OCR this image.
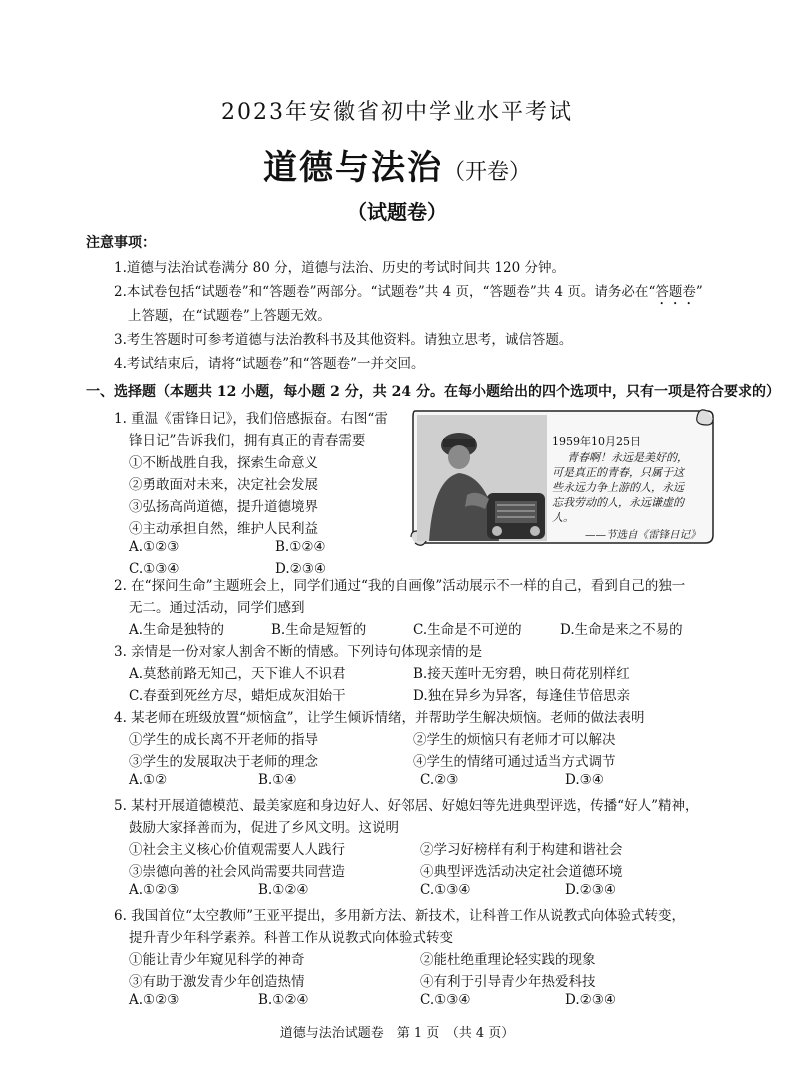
2023年安徽省初中学业水平考试
道德与法治（开卷）
（试题卷）
注意事项：
1.道德与法治试卷满分 80 分，道德与法治、历史的考试时间共 120 分钟。
2.本试卷包括“试题卷”和“答题卷”两部分。“试题卷”共 4 页，“答题卷”共 4 页。请务必在“答题卷”
上答题，在“试题卷”上答题无效。
3.考生答题时可参考道德与法治教科书及其他资料。请独立思考，诚信答题。
4.考试结束后，请将“试题卷”和“答题卷”一并交回。
一、选择题（本题共 12 小题，每小题 2 分，共 24 分。在每小题给出的四个选项中，只有一项是符合要求的）
1. 重温《雷锋日记》，我们倍感振奋。右图“雷
锋日记”告诉我们，拥有真正的青春需要
①不断战胜自我，探索生命意义
②勇敢面对未来，决定社会发展
③弘扬高尚道德，提升道德境界
④主动承担自然，维护人民利益
A.①②③	B.①②④
C.①③④	D.②③④
1959年10月25日
青春啊！永远是美好的，
可是真正的青春，只属于这
些永远力争上游的人，永远
忘我劳动的人，永远谦虚的
人。
——节选自《雷锋日记》
2. 在“探问生命”主题班会上，同学们通过“我的自画像”活动展示不一样的自己，看到自己的独一
无二。通过活动，同学们感到
A.生命是独特的	B.生命是短暂的	C.生命是不可逆的	D.生命是来之不易的
3. 亲情是一份对家人割舍不断的情感。下列诗句体现亲情的是
A.莫愁前路无知己，天下谁人不识君	B.接天莲叶无穷碧，映日荷花别样红
C.春蚕到死丝方尽，蜡炬成灰泪始干	D.独在异乡为异客，每逢佳节倍思亲
4. 某老师在班级放置“烦恼盒”，让学生倾诉情绪，并帮助学生解决烦恼。老师的做法表明
①学生的成长离不开老师的指导	②学生的烦恼只有老师才可以解决
③学生的发展取决于老师的理念	④学生的情绪可通过适当方式调节
A.①②	B.①④	C.②③	D.③④
5. 某村开展道德模范、最美家庭和身边好人、好邻居、好媳妇等先进典型评选，传播“好人”精神，
鼓励大家择善而为，促进了乡风文明。这说明
①社会主义核心价值观需要人人践行	②学习好榜样有利于构建和谐社会
③崇德向善的社会风尚需要共同营造	④典型评选活动决定社会道德环境
A.①②③	B.①②④	C.①③④	D.②③④
6. 我国首位“太空教师”王亚平提出，多用新方法、新技术，让科普工作从说教式向体验式转变，
提升青少年科学素养。科普工作从说教式向体验式转变
①能让青少年窥见科学的神奇	②能杜绝重理论轻实践的现象
③有助于激发青少年创造热情	④有利于引导青少年热爱科技
A.①②③	B.①②④	C.①③④	D.②③④
道德与法治试题卷　第 1 页　（共 4 页）
